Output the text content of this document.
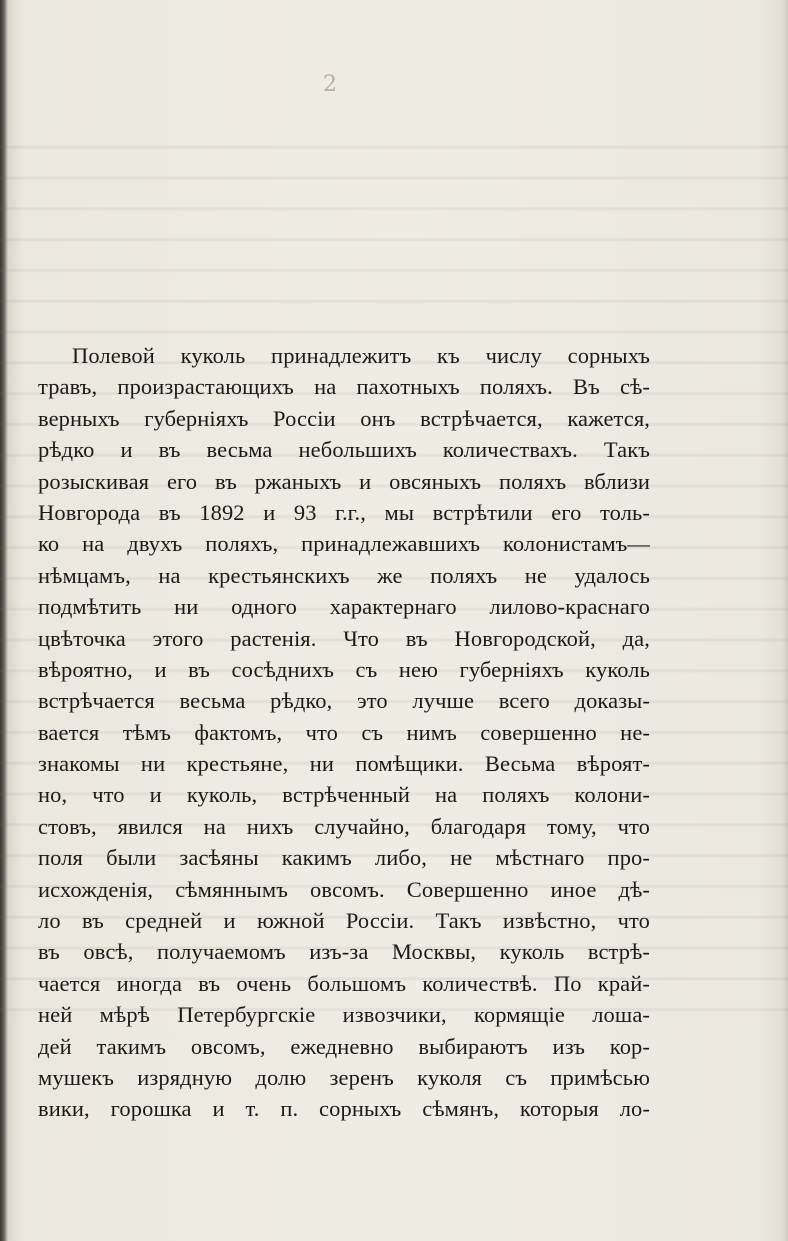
2
Полевой куколь принадлежитъ къ числу сорныхъ
травъ, произрастающихъ на пахотныхъ поляхъ. Въ сѣ-
верныхъ губерніяхъ Россіи онъ встрѣчается, кажется,
рѣдко и въ весьма небольшихъ количествахъ. Такъ
розыскивая его въ ржаныхъ и овсяныхъ поляхъ вблизи
Новгорода въ 1892 и 93 г.г., мы встрѣтили его толь-
ко на двухъ поляхъ, принадлежавшихъ колонистамъ—
нѣмцамъ, на крестьянскихъ же поляхъ не удалось
подмѣтить ни одного характернаго лилово-краснаго
цвѣточка этого растенія. Что въ Новгородской, да,
вѣроятно, и въ сосѣднихъ съ нею губерніяхъ куколь
встрѣчается весьма рѣдко, это лучше всего доказы-
вается тѣмъ фактомъ, что съ нимъ совершенно не-
знакомы ни крестьяне, ни помѣщики. Весьма вѣроят-
но, что и куколь, встрѣченный на поляхъ колони-
стовъ, явился на нихъ случайно, благодаря тому, что
поля были засѣяны какимъ либо, не мѣстнаго про-
исхожденія, сѣмяннымъ овсомъ. Совершенно иное дѣ-
ло въ средней и южной Россіи. Такъ извѣстно, что
въ овсѣ, получаемомъ изъ-за Москвы, куколь встрѣ-
чается иногда въ очень большомъ количествѣ. По край-
ней мѣрѣ Петербургскіе извозчики, кормящіе лоша-
дей такимъ овсомъ, ежедневно выбираютъ изъ кор-
мушекъ изрядную долю зеренъ куколя съ примѣсью
вики, горошка и т. п. сорныхъ сѣмянъ, которыя ло-
